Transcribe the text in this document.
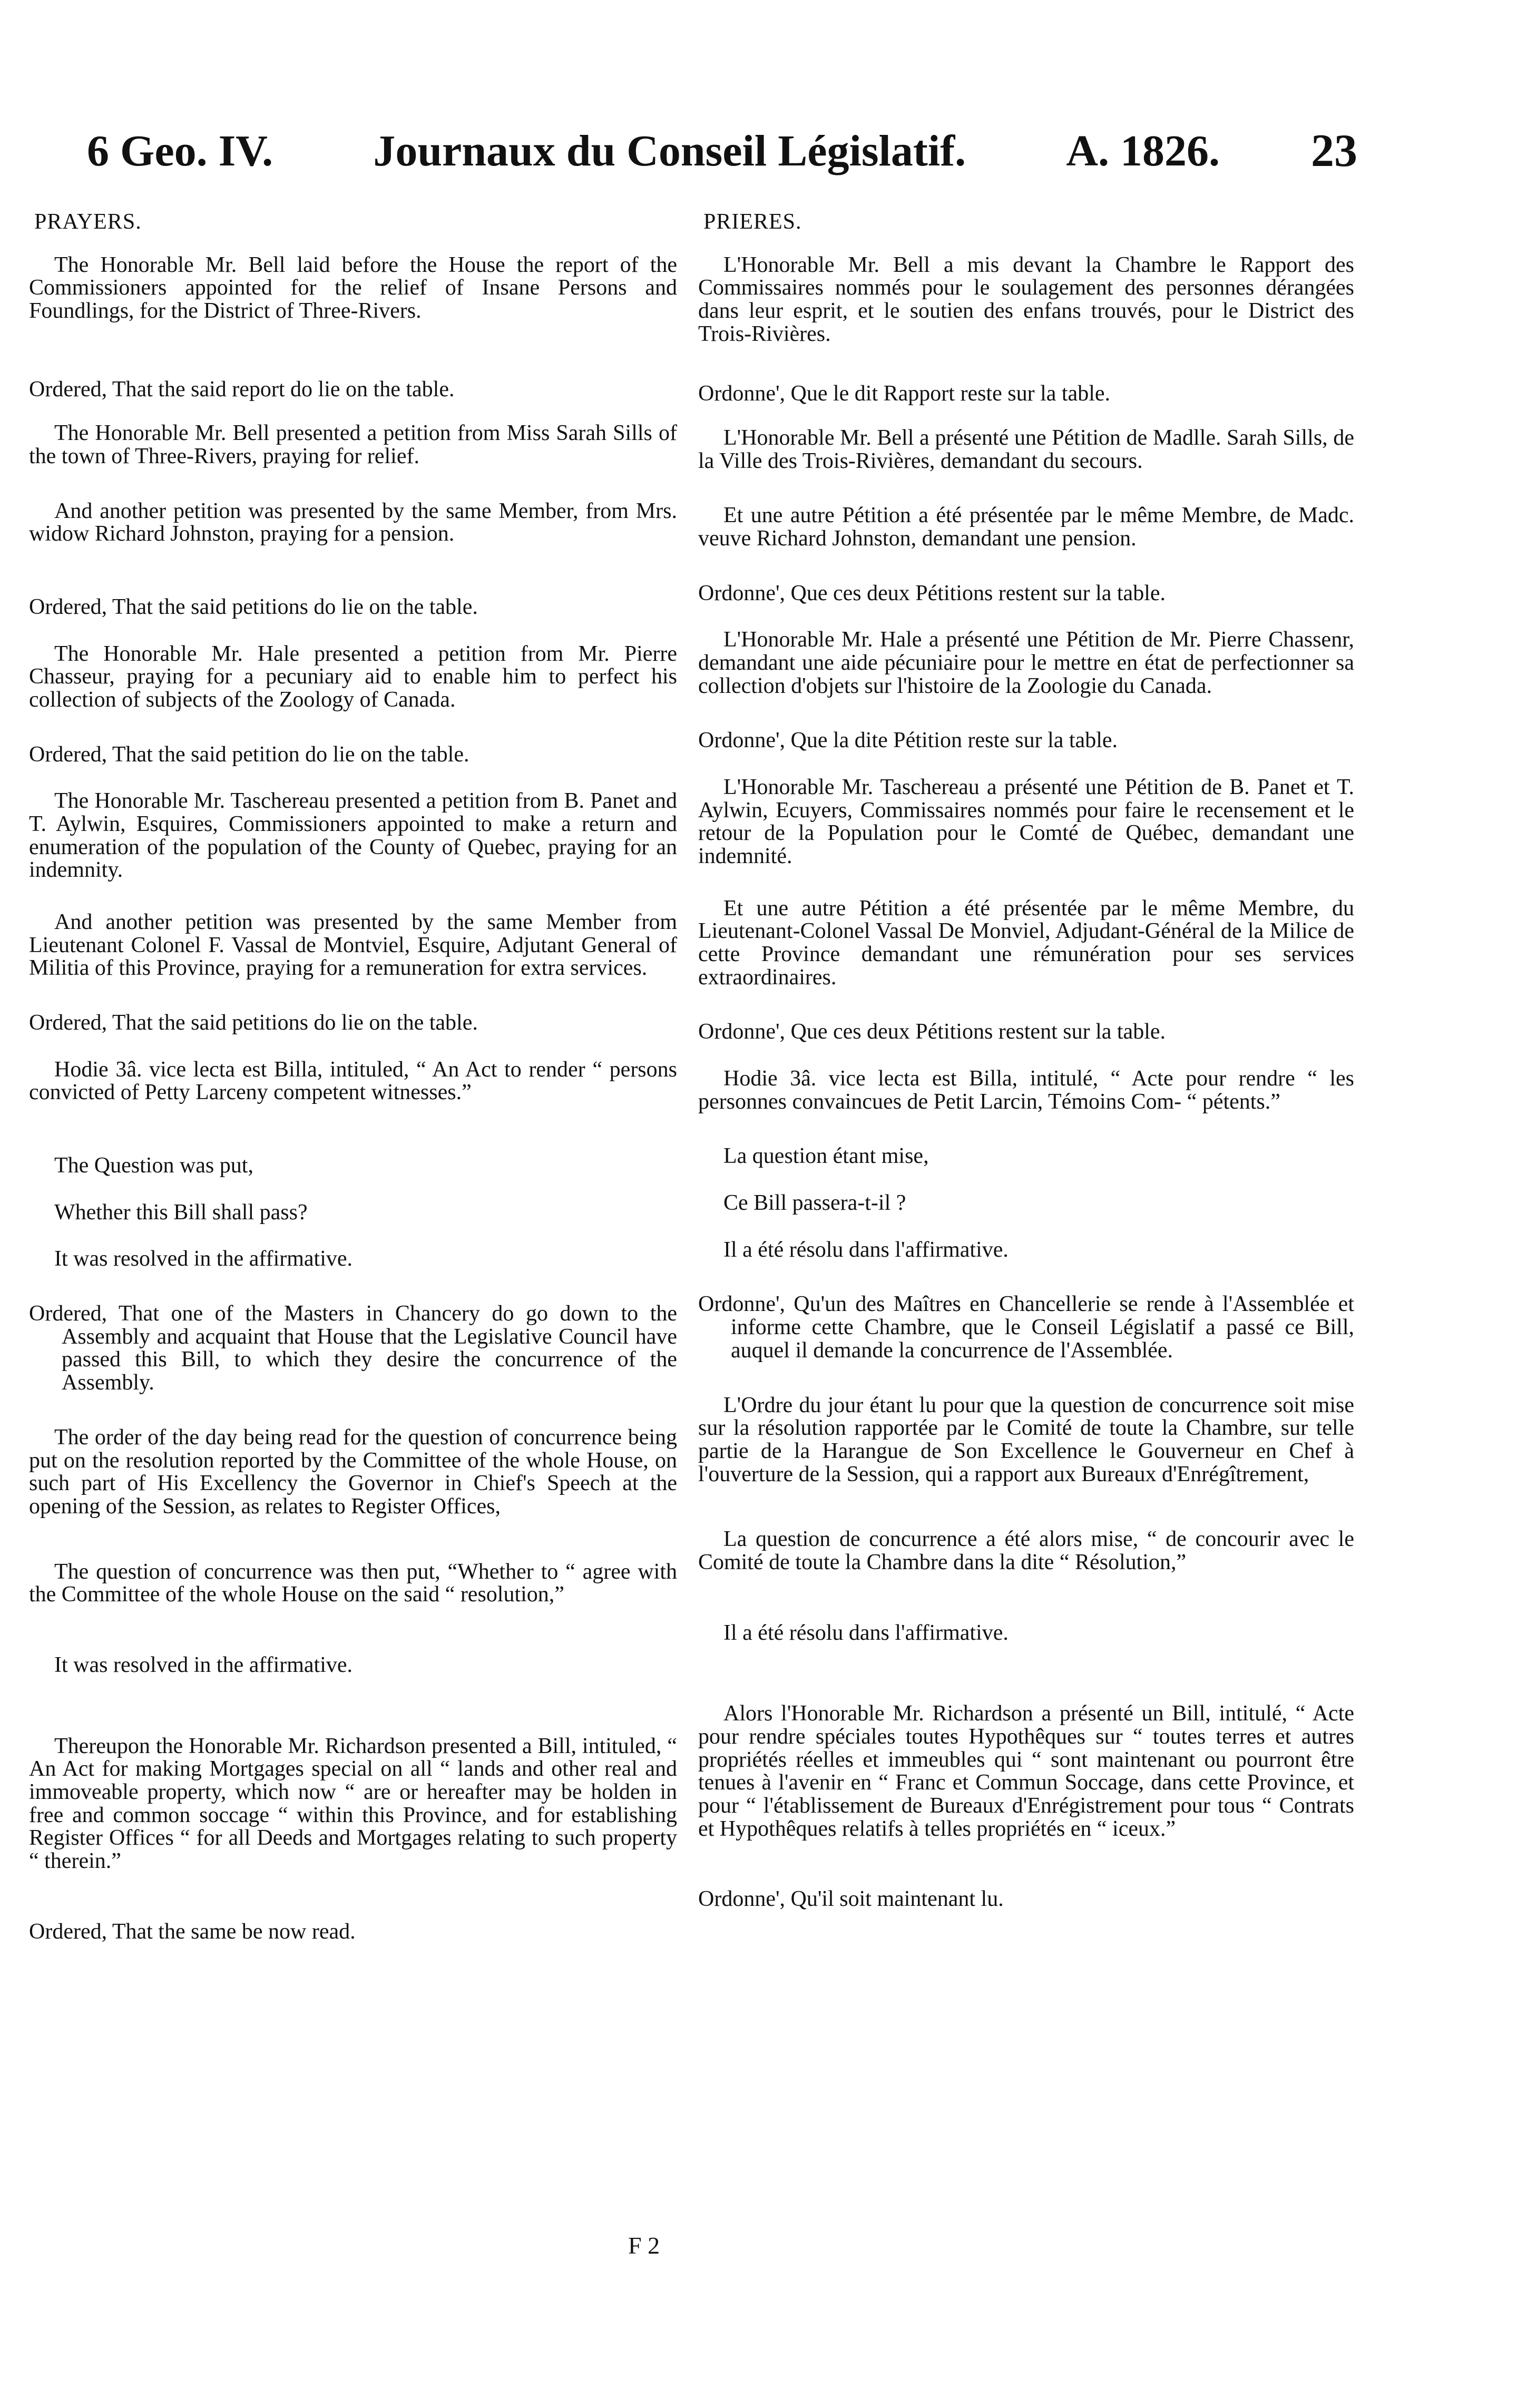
6 Geo. IV. Journaux du Conseil Législatif. A. 1826. 23
PRAYERS.

The Honorable Mr. Bell laid before the House the report of the Commissioners appointed for the relief of Insane Persons and Foundlings, for the District of Three-Rivers.

Ordered, That the said report do lie on the table.

The Honorable Mr. Bell presented a petition from Miss Sarah Sills of the town of Three-Rivers, praying for relief.

And another petition was presented by the same Member, from Mrs. widow Richard Johnston, praying for a pension.

Ordered, That the said petitions do lie on the table.

The Honorable Mr. Hale presented a petition from Mr. Pierre Chasseur, praying for a pecuniary aid to enable him to perfect his collection of subjects of the Zoology of Canada.

Ordered, That the said petition do lie on the table.

The Honorable Mr. Taschereau presented a petition from B. Panet and T. Aylwin, Esquires, Commissioners appointed to make a return and enumeration of the population of the County of Quebec, praying for an indemnity.

And another petition was presented by the same Member from Lieutenant Colonel F. Vassal de Montviel, Esquire, Adjutant General of Militia of this Province, praying for a remuneration for extra services.

Ordered, That the said petitions do lie on the table.

Hodie 3â. vice lecta est Billa, intituled, “ An Act to render “ persons convicted of Petty Larceny competent witnesses.”

The Question was put,

Whether this Bill shall pass?

It was resolved in the affirmative.

Ordered, That one of the Masters in Chancery do go down to the Assembly and acquaint that House that the Legislative Council have passed this Bill, to which they desire the concurrence of the Assembly.

The order of the day being read for the question of concurrence being put on the resolution reported by the Committee of the whole House, on such part of His Excellency the Governor in Chief's Speech at the opening of the Session, as relates to Register Offices,

The question of concurrence was then put, “Whether to “ agree with the Committee of the whole House on the said “ resolution,”

It was resolved in the affirmative.

Thereupon the Honorable Mr. Richardson presented a Bill, intituled, “ An Act for making Mortgages special on all “ lands and other real and immoveable property, which now “ are or hereafter may be holden in free and common soccage “ within this Province, and for establishing Register Offices “ for all Deeds and Mortgages relating to such property “ therein.”

Ordered, That the same be now read.

PRIERES.

L'Honorable Mr. Bell a mis devant la Chambre le Rapport des Commissaires nommés pour le soulagement des personnes dérangées dans leur esprit, et le soutien des enfans trouvés, pour le District des Trois-Rivières.

Ordonne', Que le dit Rapport reste sur la table.

L'Honorable Mr. Bell a présenté une Pétition de Madlle. Sarah Sills, de la Ville des Trois-Rivières, demandant du secours.

Et une autre Pétition a été présentée par le même Membre, de Madc. veuve Richard Johnston, demandant une pension.

Ordonne', Que ces deux Pétitions restent sur la table.

L'Honorable Mr. Hale a présenté une Pétition de Mr. Pierre Chassenr, demandant une aide pécuniaire pour le mettre en état de perfectionner sa collection d'objets sur l'histoire de la Zoologie du Canada.

Ordonne', Que la dite Pétition reste sur la table.

L'Honorable Mr. Taschereau a présenté une Pétition de B. Panet et T. Aylwin, Ecuyers, Commissaires nommés pour faire le recensement et le retour de la Population pour le Comté de Québec, demandant une indemnité.

Et une autre Pétition a été présentée par le même Membre, du Lieutenant-Colonel Vassal De Monviel, Adjudant-Général de la Milice de cette Province demandant une rémunération pour ses services extraordinaires.

Ordonne', Que ces deux Pétitions restent sur la table.

Hodie 3â. vice lecta est Billa, intitulé, “ Acte pour rendre “ les personnes convaincues de Petit Larcin, Témoins Com- “ pétents.”

La question étant mise,

Ce Bill passera-t-il ?

Il a été résolu dans l'affirmative.

Ordonne', Qu'un des Maîtres en Chancellerie se rende à l'Assemblée et informe cette Chambre, que le Conseil Législatif a passé ce Bill, auquel il demande la concurrence de l'Assemblée.

L'Ordre du jour étant lu pour que la question de concurrence soit mise sur la résolution rapportée par le Comité de toute la Chambre, sur telle partie de la Harangue de Son Excellence le Gouverneur en Chef à l'ouverture de la Session, qui a rapport aux Bureaux d'Enrégîtrement,

La question de concurrence a été alors mise, “ de concourir avec le Comité de toute la Chambre dans la dite “ Résolution,”

Il a été résolu dans l'affirmative.

Alors l'Honorable Mr. Richardson a présenté un Bill, intitulé, “ Acte pour rendre spéciales toutes Hypothêques sur “ toutes terres et autres propriétés réelles et immeubles qui “ sont maintenant ou pourront être tenues à l'avenir en “ Franc et Commun Soccage, dans cette Province, et pour “ l'établissement de Bureaux d'Enrégistrement pour tous “ Contrats et Hypothêques relatifs à telles propriétés en “ iceux.”

Ordonne', Qu'il soit maintenant lu.

F 2
